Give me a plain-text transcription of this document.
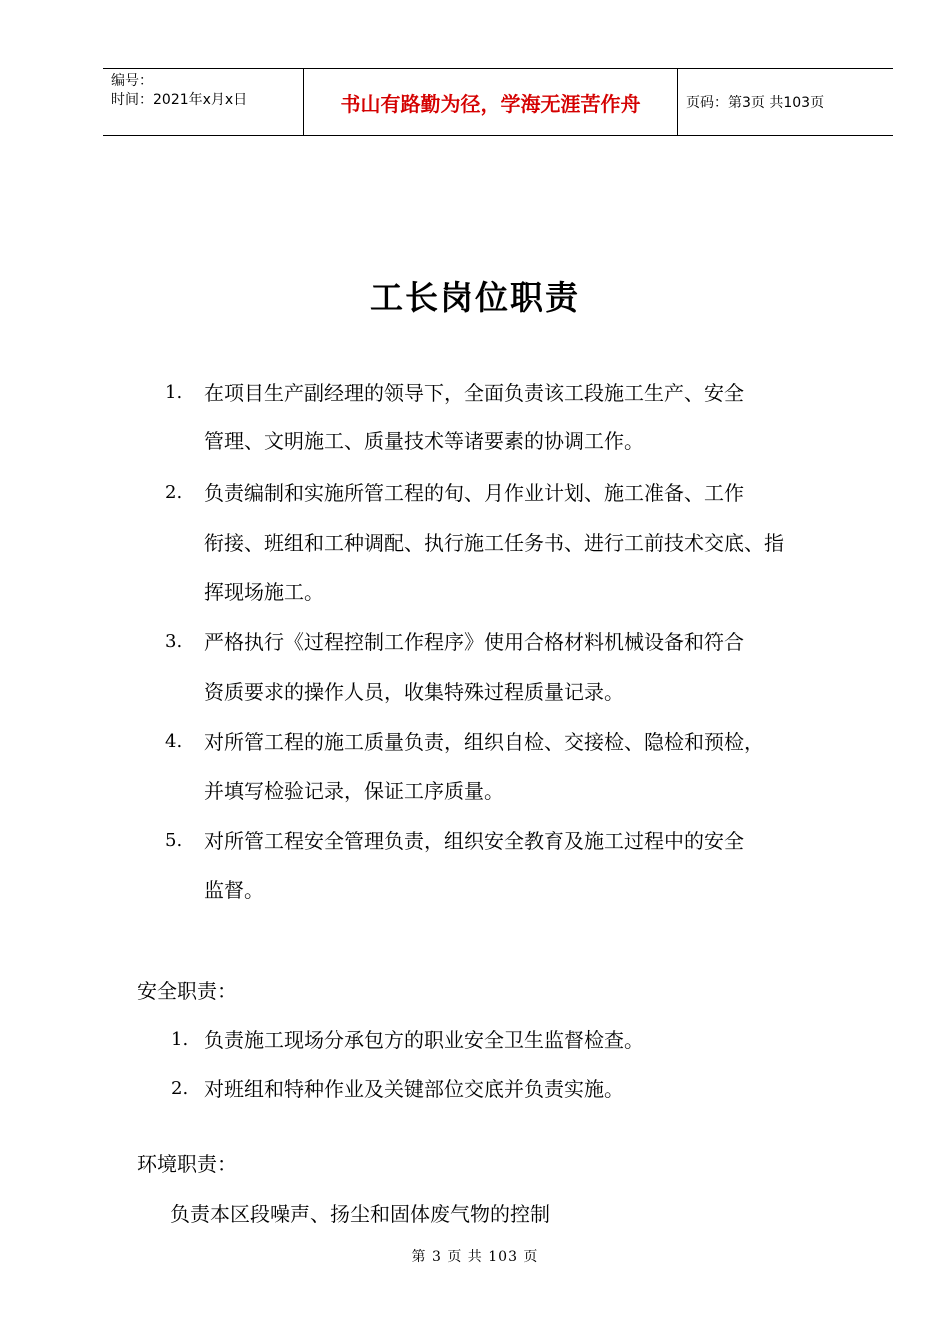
编号：
时间：2021年x月x日	书山有路勤为径，学海无涯苦作舟	页码：第3页 共103页
工长岗位职责
1. 在项目生产副经理的领导下，全面负责该工段施工生产、安全
管理、文明施工、质量技术等诸要素的协调工作。
2. 负责编制和实施所管工程的旬、月作业计划、施工准备、工作
衔接、班组和工种调配、执行施工任务书、进行工前技术交底、指
挥现场施工。
3. 严格执行《过程控制工作程序》使用合格材料机械设备和符合
资质要求的操作人员，收集特殊过程质量记录。
4. 对所管工程的施工质量负责，组织自检、交接检、隐检和预检，
并填写检验记录，保证工序质量。
5. 对所管工程安全管理负责，组织安全教育及施工过程中的安全
监督。
安全职责：
1. 负责施工现场分承包方的职业安全卫生监督检查。
2. 对班组和特种作业及关键部位交底并负责实施。
环境职责：
负责本区段噪声、扬尘和固体废气物的控制
第 3 页 共 103 页
